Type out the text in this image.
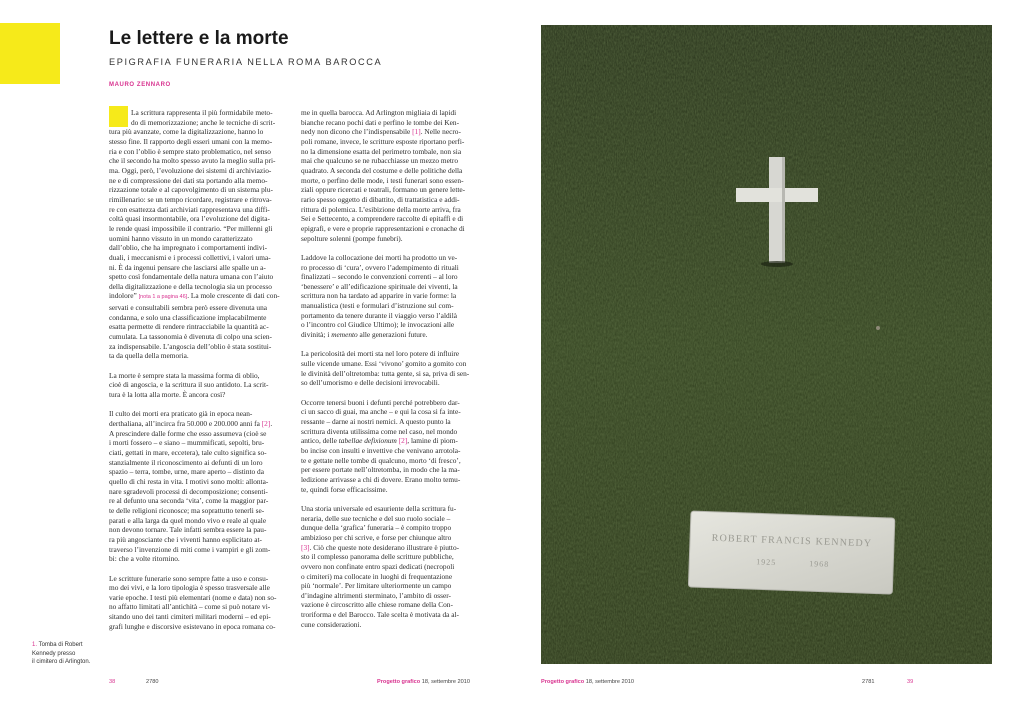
Le lettere e la morte
EPIGRAFIA FUNERARIA NELLA ROMA BAROCCA
MAURO ZENNARO

La scrittura rappresenta il più formidabile meto-

do di memorizzazione; anche le tecniche di scrit-

tura più avanzate, come la digitalizzazione, hanno lo

stesso fine. Il rapporto degli esseri umani con la memo-

ria e con l’oblio è sempre stato problematico, nel senso

che il secondo ha molto spesso avuto la meglio sulla pri-

ma. Oggi, però, l’evoluzione dei sistemi di archiviazio-

ne e di compressione dei dati sta portando alla memo-

rizzazione totale e al capovolgimento di un sistema plu-

rimillenario: se un tempo ricordare, registrare e ritrova-

re con esattezza dati archiviati rappresentava una diffi-

coltà quasi insormontabile, ora l’evoluzione del digita-

le rende quasi impossibile il contrario. “Per millenni gli

uomini hanno vissuto in un mondo caratterizzato

dall’oblio, che ha impregnato i comportamenti indivi-

duali, i meccanismi e i processi collettivi, i valori uma-

ni. È da ingenui pensare che lasciarsi alle spalle un a-

spetto così fondamentale della natura umana con l’aiuto

della digitalizzazione e della tecnologia sia un processo

indolore” [nota 1 a pagina 46]. La mole crescente di dati con-

servati e consultabili sembra però essere divenuta una

condanna, e solo una classificazione implacabilmente

esatta permette di rendere rintracciabile la quantità ac-

cumulata. La tassonomia è divenuta di colpo una scien-

za indispensabile. L’angoscia dell’oblio è stata sostitui-

ta da quella della memoria.

La morte è sempre stata la massima forma di oblio,

cioè di angoscia, e la scrittura il suo antidoto. La scrit-

tura è la lotta alla morte. È ancora così?

Il culto dei morti era praticato già in epoca nean-

derthaliana, all’incirca fra 50.000 e 200.000 anni fa [2].

A prescindere dalle forme che esso assumeva (cioè se

i morti fossero – e siano – mummificati, sepolti, bru-

ciati, gettati in mare, eccetera), tale culto significa so-

stanzialmente il riconoscimento ai defunti di un loro

spazio – terra, tombe, urne, mare aperto – distinto da

quello di chi resta in vita. I motivi sono molti: allonta-

nare sgradevoli processi di decomposizione; consenti-

re al defunto una seconda ‘vita’, come la maggior par-

te delle religioni riconosce; ma soprattutto tenerli se-

parati e alla larga da quel mondo vivo e reale al quale

non devono tornare. Tale infatti sembra essere la pau-

ra più angosciante che i viventi hanno esplicitato at-

traverso l’invenzione di miti come i vampiri e gli zom-

bi: che a volte ritornino.

Le scritture funerarie sono sempre fatte a uso e consu-

mo dei vivi, e la loro tipologia è spesso trasversale alle

varie epoche. I testi più elementari (nome e data) non so-

no affatto limitati all’antichità – come si può notare vi-

sitando uno dei tanti cimiteri militari moderni – ed epi-

grafi lunghe e discorsive esistevano in epoca romana co-

me in quella barocca. Ad Arlington migliaia di lapidi

bianche recano pochi dati e perfino le tombe dei Ken-

nedy non dicono che l’indispensabile [1]. Nelle necro-

poli romane, invece, le scritture esposte riportano perfi-

no la dimensione esatta del perimetro tombale, non sia

mai che qualcuno se ne rubacchiasse un mezzo metro

quadrato. A seconda del costume e delle politiche della

morte, o perfino delle mode, i testi funerari sono essen-

ziali oppure ricercati e teatrali, formano un genere lette-

rario spesso oggetto di dibattito, di trattatistica e addi-

rittura di polemica. L’esibizione della morte arriva, fra

Sei e Settecento, a comprendere raccolte di epitaffi e di

epigrafi, e vere e proprie rappresentazioni e cronache di

sepolture solenni (pompe funebri).

Laddove la collocazione dei morti ha prodotto un ve-

ro processo di ‘cura’, ovvero l’adempimento di rituali

finalizzati – secondo le convenzioni correnti – al loro

‘benessere’ e all’edificazione spirituale dei viventi, la

scrittura non ha tardato ad apparire in varie forme: la

manualistica (testi e formulari d’istruzione sul com-

portamento da tenere durante il viaggio verso l’aldilà

o l’incontro col Giudice Ultimo); le invocazioni alle

divinità; i memento alle generazioni future.

La pericolosità dei morti sta nel loro potere di influire

sulle vicende umane. Essi ‘vivono’ gomito a gomito con

le divinità dell’oltretomba: tutta gente, si sa, priva di sen-

so dell’umorismo e delle decisioni irrevocabili.

Occorre tenersi buoni i defunti perché potrebbero dar-

ci un sacco di guai, ma anche – e qui la cosa si fa inte-

ressante – darne ai nostri nemici. A questo punto la

scrittura diventa utilissima come nel caso, nel mondo

antico, delle tabellae defixionum [2], lamine di piom-

bo incise con insulti e invettive che venivano arrotola-

te e gettate nelle tombe di qualcuno, morto ‘di fresco’,

per essere portate nell’oltretomba, in modo che la ma-

ledizione arrivasse a chi di dovere. Erano molto temu-

te, quindi forse efficacissime.

Una storia universale ed esauriente della scrittura fu-

neraria, delle sue tecniche e del suo ruolo sociale –

dunque della ‘grafica’ funeraria – è compito troppo

ambizioso per chi scrive, e forse per chiunque altro

[3]. Ciò che queste note desiderano illustrare è piutto-

sto il complesso panorama delle scritture pubbliche,

ovvero non confinate entro spazi dedicati (necropoli

o cimiteri) ma collocate in luoghi di frequentazione

più ‘normale’. Per limitare ulteriormente un campo

d’indagine altrimenti sterminato, l’ambito di osser-

vazione è circoscritto alle chiese romane della Con-

troriforma e del Barocco. Tale scelta è motivata da al-

cune considerazioni.

1. Tomba di Robert

Kennedy presso

il cimitero di Arlington.

38	2780	Progetto grafico 18, settembre 2010	Progetto grafico 18, settembre 2010	2781	39
ROBERT FRANCIS KENNEDY
1925	1968
